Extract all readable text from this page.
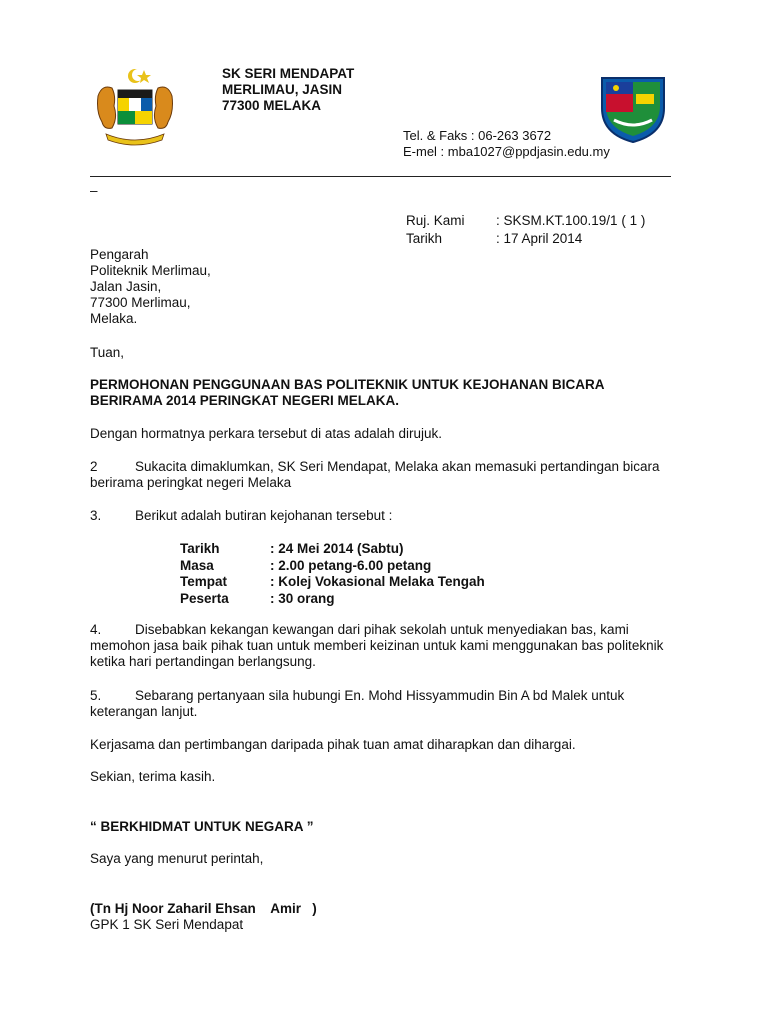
SK SERI MENDAPAT
MERLIMAU, JASIN
77300 MELAKA
Tel. & Faks : 06-263 3672
E-mel : mba1027@ppdjasin.edu.my
–
Ruj. Kami	: SKSM.KT.100.19/1 ( 1 )
Tarikh	: 17 April 2014
Pengarah
Politeknik Merlimau,
Jalan Jasin,
77300 Merlimau,
Melaka.
Tuan,
PERMOHONAN PENGGUNAAN BAS POLITEKNIK UNTUK KEJOHANAN BICARA
BERIRAMA 2014 PERINGKAT NEGERI MELAKA.
Dengan hormatnya perkara tersebut di atas adalah dirujuk.
2	Sukacita dimaklumkan, SK Seri Mendapat, Melaka akan memasuki pertandingan bicara
berirama peringkat negeri Melaka
3. Berikut adalah butiran kejohanan tersebut :
Tarikh	: 24 Mei 2014 (Sabtu)
Masa	: 2.00 petang-6.00 petang
Tempat	: Kolej Vokasional Melaka Tengah
Peserta	: 30 orang
4. Disebabkan kekangan kewangan dari pihak sekolah untuk menyediakan bas, kami
memohon jasa baik pihak tuan untuk memberi keizinan untuk kami menggunakan bas politeknik
ketika hari pertandingan berlangsung.
5. Sebarang pertanyaan sila hubungi En. Mohd Hissyammudin Bin A bd Malek untuk
keterangan lanjut.
Kerjasama dan pertimbangan daripada pihak tuan amat diharapkan dan dihargai.
Sekian, terima kasih.
“ BERKHIDMAT UNTUK NEGARA ”
Saya yang menurut perintah,
(Tn Hj Noor Zaharil Ehsan    Amir   )
GPK 1 SK Seri Mendapat
